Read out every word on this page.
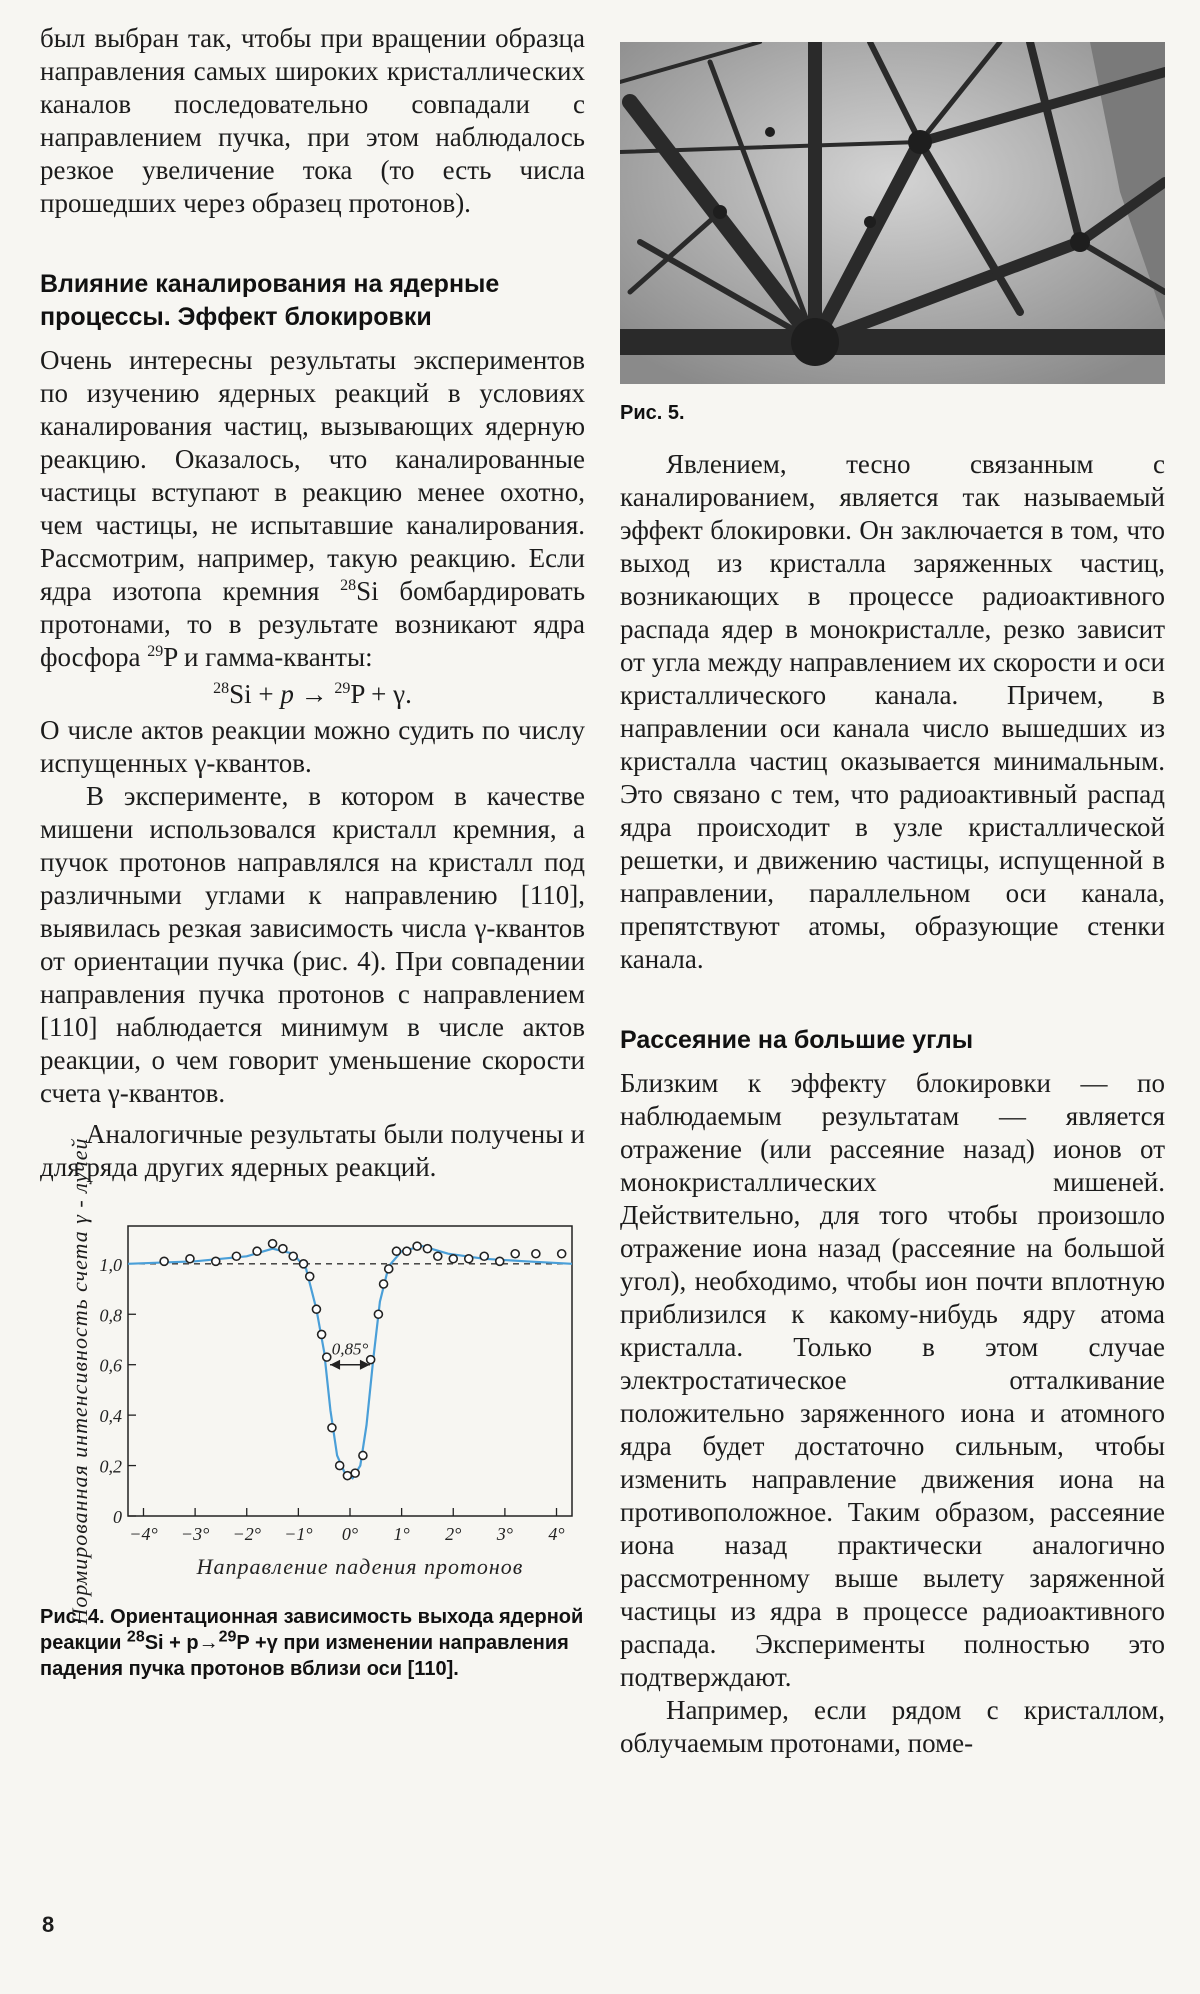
был выбран так, чтобы при вращении образца направления самых широких кристаллических каналов последовательно совпадали с направлением пучка, при этом наблюдалось резкое увеличение тока (то есть числа прошедших через образец протонов).

Влияние каналирования на ядерные процессы. Эффект блокировки

Очень интересны результаты экспериментов по изучению ядерных реакций в условиях каналирования частиц, вызывающих ядерную реакцию. Оказалось, что каналированные частицы вступают в реакцию менее охотно, чем частицы, не испытавшие каналирования. Рассмотрим, например, такую реакцию. Если ядра изотопа кремния $^{28}$Si бомбардировать протонами, то в результате возникают ядра фосфора $^{29}$P и гамма-кванты:

$^{28}$Si + p → $^{29}$P + γ.

О числе актов реакции можно судить по числу испущенных γ-квантов.

В эксперименте, в котором в качестве мишени использовался кристалл кремния, а пучок протонов направлялся на кристалл под различными углами к направлению [110], выявилась резкая зависимость числа γ-квантов от ориентации пучка (рис. 4). При совпадении направления пучка протонов с направлением [110] наблюдается минимум в числе актов реакции, о чем говорит уменьшение скорости счета γ-квантов.

Аналогичные результаты были получены и для ряда других ядерных реакций.

Нормированная интенсивность счета γ - лучей 0
0,2
0,4
0,6
0,8
1,0
−4° −3° −2° −1° 0° 1° 2° 3° 4°
0,85°
Направление падения протонов
Рис. 4. Ориентационная зависимость выхода ядерной реакции $^{28}$Si + p→$^{29}$P +γ при изменении направления падения пучка протонов вблизи оси [110].
Рис. 5.

Явлением, тесно связанным с каналированием, является так называемый эффект блокировки. Он заключается в том, что выход из кристалла заряженных частиц, возникающих в процессе радиоактивного распада ядер в монокристалле, резко зависит от угла между направлением их скорости и оси кристаллического канала. Причем, в направлении оси канала число вышедших из кристалла частиц оказывается минимальным. Это связано с тем, что радиоактивный распад ядра происходит в узле кристаллической решетки, и движению частицы, испущенной в направлении, параллельном оси канала, препятствуют атомы, образующие стенки канала.

Рассеяние на большие углы

Близким к эффекту блокировки — по наблюдаемым результатам — является отражение (или рассеяние назад) ионов от монокристаллических мишеней. Действительно, для того чтобы произошло отражение иона назад (рассеяние на большой угол), необходимо, чтобы ион почти вплотную приблизился к какому-нибудь ядру атома кристалла. Только в этом случае электростатическое отталкивание положительно заряженного иона и атомного ядра будет достаточно сильным, чтобы изменить направление движения иона на противоположное. Таким образом, рассеяние иона назад практически аналогично рассмотренному выше вылету заряженной частицы из ядра в процессе радиоактивного распада. Эксперименты полностью это подтверждают.

Например, если рядом с кристаллом, облучаемым протонами, поме-

8
